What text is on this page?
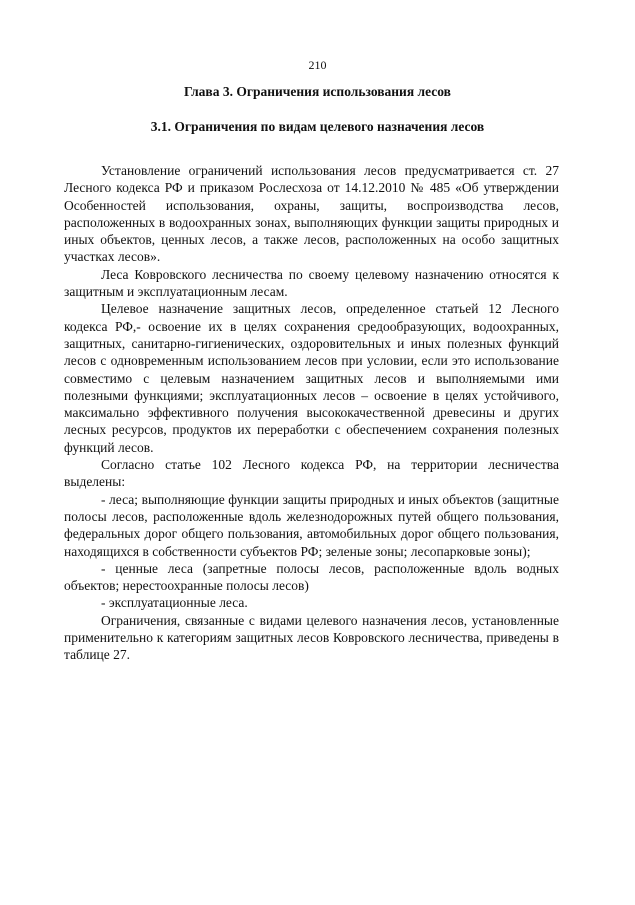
210
Глава 3. Ограничения использования лесов
3.1. Ограничения по видам целевого назначения лесов

Установление ограничений использования лесов предусматривается ст. 27 Лесного кодекса РФ и приказом Рослесхоза от 14.12.2010 № 485 «Об утверждении Особенностей использования, охраны, защиты, воспроизводства лесов, расположенных в водоохранных зонах, выполняющих функции защиты природных и иных объектов, ценных лесов, а также лесов, расположенных на особо защитных участках лесов».

Леса Ковровского лесничества по своему целевому назначению относятся к защитным и эксплуатационным лесам.

Целевое назначение защитных лесов, определенное статьей 12 Лесного кодекса РФ,- освоение их в целях сохранения средообразующих, водоохранных, защитных, санитарно-гигиенических, оздоровительных и иных полезных функций лесов с одновременным использованием лесов при условии, если это использование совместимо с целевым назначением защитных лесов и выполняемыми ими полезными функциями; эксплуатационных лесов – освоение в целях устойчивого, максимально эффективного получения высококачественной древесины и других лесных ресурсов, продуктов их переработки с обеспечением сохранения полезных функций лесов.

Согласно статье 102 Лесного кодекса РФ, на территории лесничества выделены:

- леса; выполняющие функции защиты природных и иных объектов (защитные полосы лесов, расположенные вдоль железнодорожных путей общего пользования, федеральных дорог общего пользования, автомобильных дорог общего пользования, находящихся в собственности субъектов РФ; зеленые зоны; лесопарковые зоны);

- ценные леса (запретные полосы лесов, расположенные вдоль водных объектов; нерестоохранные полосы лесов)

- эксплуатационные леса.

Ограничения, связанные с видами целевого назначения лесов, установленные применительно к категориям защитных лесов Ковровского лесничества, приведены в таблице 27.
